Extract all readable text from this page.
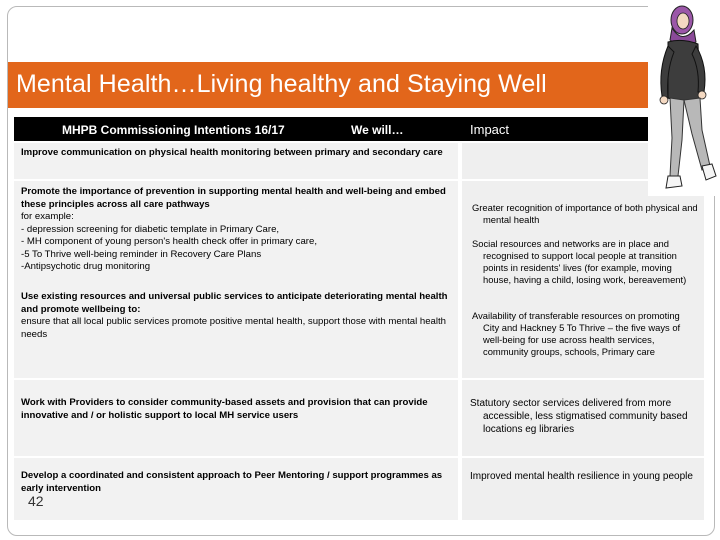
Mental Health…Living healthy and Staying Well
MHPB Commissioning Intentions 16/17	We will…	Impact
Improve communication on physical health monitoring between primary and secondary care
Promote the importance of prevention in supporting mental health and well-being and embed these principles across all care pathways
for example:
- depression screening for diabetic template in Primary Care,
- MH component of young person's health check offer in primary care,
-5 To Thrive well-being reminder in Recovery Care Plans
-Antipsychotic drug monitoring
Use existing resources and universal public services to anticipate deteriorating mental health and promote wellbeing to:
ensure that all local public services promote positive mental health, support those with mental health needs
Greater recognition of importance of both physical and mental health
Social resources and networks are in place and recognised to support local people at transition points in residents' lives (for example, moving house, having a child, losing work, bereavement)
Availability of transferable resources on promoting City and Hackney 5 To Thrive – the five ways of well-being for use across health services, community groups, schools, Primary care
Work with Providers to consider community-based assets and provision that can provide innovative and / or holistic support to local MH service users
Statutory sector services delivered from more accessible, less stigmatised community based locations eg libraries
Develop a coordinated and consistent approach to Peer Mentoring / support programmes as early intervention
Improved mental health resilience in young people
42
